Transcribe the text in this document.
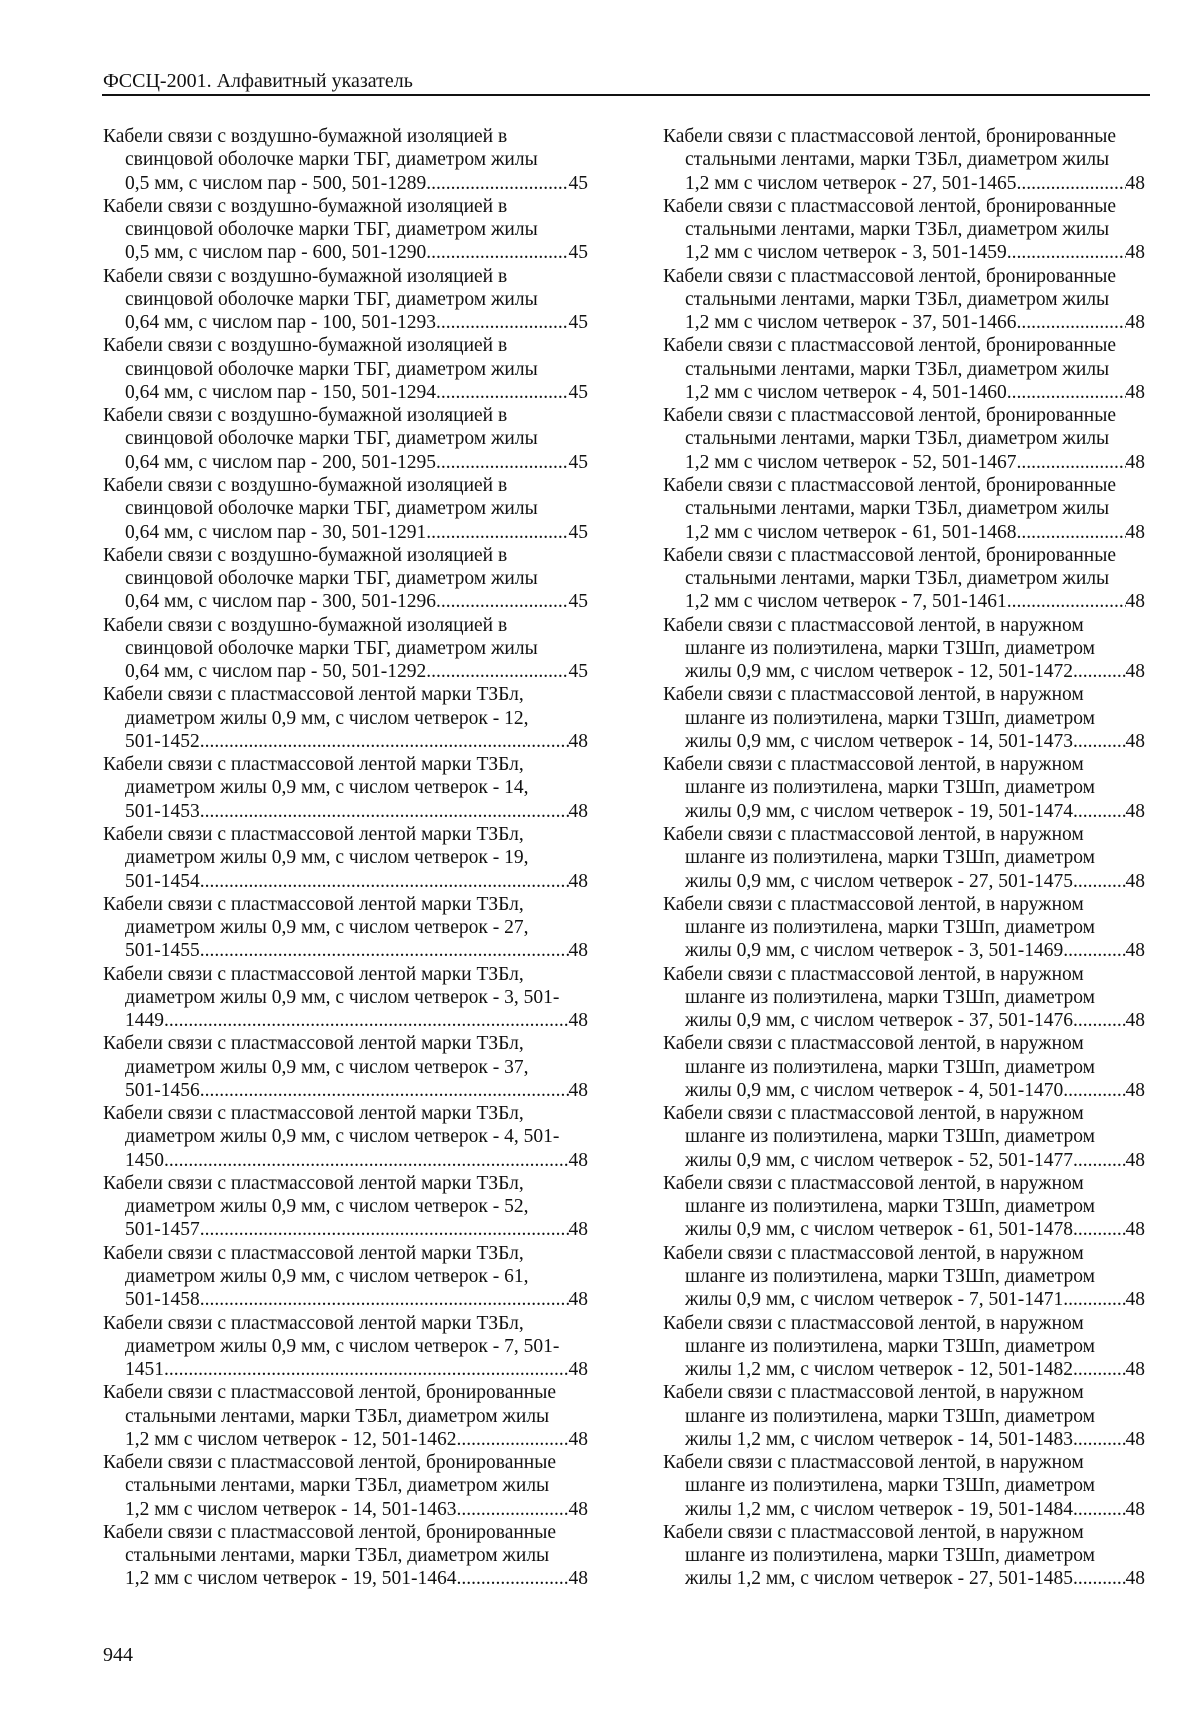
ФССЦ-2001. Алфавитный указатель
Кабели связи с воздушно-бумажной изоляцией в
свинцовой оболочке марки ТБГ, диаметром жилы
0,5 мм, с числом пар - 500, 501-1289 .....	45
Кабели связи с воздушно-бумажной изоляцией в
свинцовой оболочке марки ТБГ, диаметром жилы
0,5 мм, с числом пар - 600, 501-1290 .....	45
Кабели связи с воздушно-бумажной изоляцией в
свинцовой оболочке марки ТБГ, диаметром жилы
0,64 мм, с числом пар - 100, 501-1293 .....	45
Кабели связи с воздушно-бумажной изоляцией в
свинцовой оболочке марки ТБГ, диаметром жилы
0,64 мм, с числом пар - 150, 501-1294 .....	45
Кабели связи с воздушно-бумажной изоляцией в
свинцовой оболочке марки ТБГ, диаметром жилы
0,64 мм, с числом пар - 200, 501-1295 .....	45
Кабели связи с воздушно-бумажной изоляцией в
свинцовой оболочке марки ТБГ, диаметром жилы
0,64 мм, с числом пар - 30, 501-1291 .....	45
Кабели связи с воздушно-бумажной изоляцией в
свинцовой оболочке марки ТБГ, диаметром жилы
0,64 мм, с числом пар - 300, 501-1296 .....	45
Кабели связи с воздушно-бумажной изоляцией в
свинцовой оболочке марки ТБГ, диаметром жилы
0,64 мм, с числом пар - 50, 501-1292 .....	45
Кабели связи с пластмассовой лентой марки ТЗБл,
диаметром жилы 0,9 мм, с числом четверок - 12,
501-1452 .....	48
Кабели связи с пластмассовой лентой марки ТЗБл,
диаметром жилы 0,9 мм, с числом четверок - 14,
501-1453 .....	48
Кабели связи с пластмассовой лентой марки ТЗБл,
диаметром жилы 0,9 мм, с числом четверок - 19,
501-1454 .....	48
Кабели связи с пластмассовой лентой марки ТЗБл,
диаметром жилы 0,9 мм, с числом четверок - 27,
501-1455 .....	48
Кабели связи с пластмассовой лентой марки ТЗБл,
диаметром жилы 0,9 мм, с числом четверок - 3, 501-
1449 .....	48
Кабели связи с пластмассовой лентой марки ТЗБл,
диаметром жилы 0,9 мм, с числом четверок - 37,
501-1456 .....	48
Кабели связи с пластмассовой лентой марки ТЗБл,
диаметром жилы 0,9 мм, с числом четверок - 4, 501-
1450 .....	48
Кабели связи с пластмассовой лентой марки ТЗБл,
диаметром жилы 0,9 мм, с числом четверок - 52,
501-1457 .....	48
Кабели связи с пластмассовой лентой марки ТЗБл,
диаметром жилы 0,9 мм, с числом четверок - 61,
501-1458 .....	48
Кабели связи с пластмассовой лентой марки ТЗБл,
диаметром жилы 0,9 мм, с числом четверок - 7, 501-
1451 .....	48
Кабели связи с пластмассовой лентой, бронированные
стальными лентами, марки ТЗБл, диаметром жилы
1,2 мм с числом четверок - 12, 501-1462 .....	48
Кабели связи с пластмассовой лентой, бронированные
стальными лентами, марки ТЗБл, диаметром жилы
1,2 мм с числом четверок - 14, 501-1463 .....	48
Кабели связи с пластмассовой лентой, бронированные
стальными лентами, марки ТЗБл, диаметром жилы
1,2 мм с числом четверок - 19, 501-1464 .....	48
Кабели связи с пластмассовой лентой, бронированные
стальными лентами, марки ТЗБл, диаметром жилы
1,2 мм с числом четверок - 27, 501-1465 .....	48
Кабели связи с пластмассовой лентой, бронированные
стальными лентами, марки ТЗБл, диаметром жилы
1,2 мм с числом четверок - 3, 501-1459 .....	48
Кабели связи с пластмассовой лентой, бронированные
стальными лентами, марки ТЗБл, диаметром жилы
1,2 мм с числом четверок - 37, 501-1466 .....	48
Кабели связи с пластмассовой лентой, бронированные
стальными лентами, марки ТЗБл, диаметром жилы
1,2 мм с числом четверок - 4, 501-1460 .....	48
Кабели связи с пластмассовой лентой, бронированные
стальными лентами, марки ТЗБл, диаметром жилы
1,2 мм с числом четверок - 52, 501-1467 .....	48
Кабели связи с пластмассовой лентой, бронированные
стальными лентами, марки ТЗБл, диаметром жилы
1,2 мм с числом четверок - 61, 501-1468 .....	48
Кабели связи с пластмассовой лентой, бронированные
стальными лентами, марки ТЗБл, диаметром жилы
1,2 мм с числом четверок - 7, 501-1461 .....	48
Кабели связи с пластмассовой лентой, в наружном
шланге из полиэтилена, марки ТЗШп, диаметром
жилы 0,9 мм, с числом четверок - 12, 501-1472 .....	48
Кабели связи с пластмассовой лентой, в наружном
шланге из полиэтилена, марки ТЗШп, диаметром
жилы 0,9 мм, с числом четверок - 14, 501-1473 .....	48
Кабели связи с пластмассовой лентой, в наружном
шланге из полиэтилена, марки ТЗШп, диаметром
жилы 0,9 мм, с числом четверок - 19, 501-1474 .....	48
Кабели связи с пластмассовой лентой, в наружном
шланге из полиэтилена, марки ТЗШп, диаметром
жилы 0,9 мм, с числом четверок - 27, 501-1475 .....	48
Кабели связи с пластмассовой лентой, в наружном
шланге из полиэтилена, марки ТЗШп, диаметром
жилы 0,9 мм, с числом четверок - 3, 501-1469 .....	48
Кабели связи с пластмассовой лентой, в наружном
шланге из полиэтилена, марки ТЗШп, диаметром
жилы 0,9 мм, с числом четверок - 37, 501-1476 .....	48
Кабели связи с пластмассовой лентой, в наружном
шланге из полиэтилена, марки ТЗШп, диаметром
жилы 0,9 мм, с числом четверок - 4, 501-1470 .....	48
Кабели связи с пластмассовой лентой, в наружном
шланге из полиэтилена, марки ТЗШп, диаметром
жилы 0,9 мм, с числом четверок - 52, 501-1477 .....	48
Кабели связи с пластмассовой лентой, в наружном
шланге из полиэтилена, марки ТЗШп, диаметром
жилы 0,9 мм, с числом четверок - 61, 501-1478 .....	48
Кабели связи с пластмассовой лентой, в наружном
шланге из полиэтилена, марки ТЗШп, диаметром
жилы 0,9 мм, с числом четверок - 7, 501-1471 .....	48
Кабели связи с пластмассовой лентой, в наружном
шланге из полиэтилена, марки ТЗШп, диаметром
жилы 1,2 мм, с числом четверок - 12, 501-1482 .....	48
Кабели связи с пластмассовой лентой, в наружном
шланге из полиэтилена, марки ТЗШп, диаметром
жилы 1,2 мм, с числом четверок - 14, 501-1483 .....	48
Кабели связи с пластмассовой лентой, в наружном
шланге из полиэтилена, марки ТЗШп, диаметром
жилы 1,2 мм, с числом четверок - 19, 501-1484 .....	48
Кабели связи с пластмассовой лентой, в наружном
шланге из полиэтилена, марки ТЗШп, диаметром
жилы 1,2 мм, с числом четверок - 27, 501-1485 .....	48
944
